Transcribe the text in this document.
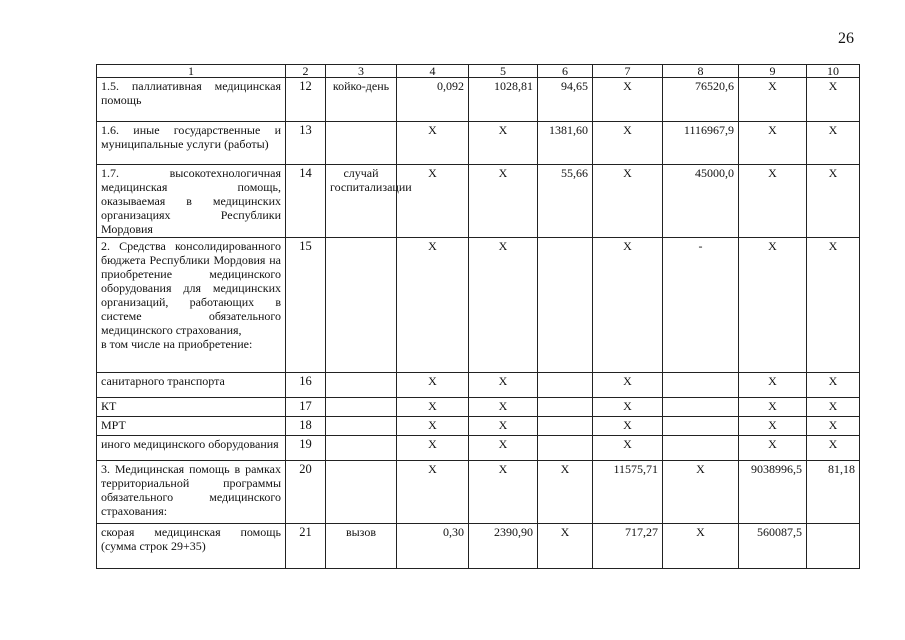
26
1	2	3	4	5	6	7	8	9	10
1.5. паллиативная медицинская помощь	12	койко-день	0,092	1028,81	94,65	X	76520,6	X	X
1.6. иные государственные и муниципальные услуги (работы)	13		X	X	1381,60	X	1116967,9	X	X
1.7. высокотехнологичная медицинская помощь, оказываемая в медицинских организациях Республики Мордовия	14	случай госпитализации	X	X	55,66	X	45000,0	X	X
2. Средства консолидированного бюджета Республики Мордовия на приобретение медицинского оборудования для медицинских организаций, работающих в системе обязательного медицинского страхования,

в том числе на приобретение:	15		X	X		X	-	X	X
санитарного транспорта	16		X	X		X		X	X
КТ	17		X	X		X		X	X
МРТ	18		X	X		X		X	X
иного медицинского оборудования	19		X	X		X		X	X
3. Медицинская помощь в рамках территориальной программы обязательного медицинского страхования:	20		X	X	X	11575,71	X	9038996,5	81,18
скорая медицинская помощь (сумма строк 29+35)	21	вызов	0,30	2390,90	X	717,27	X	560087,5	
